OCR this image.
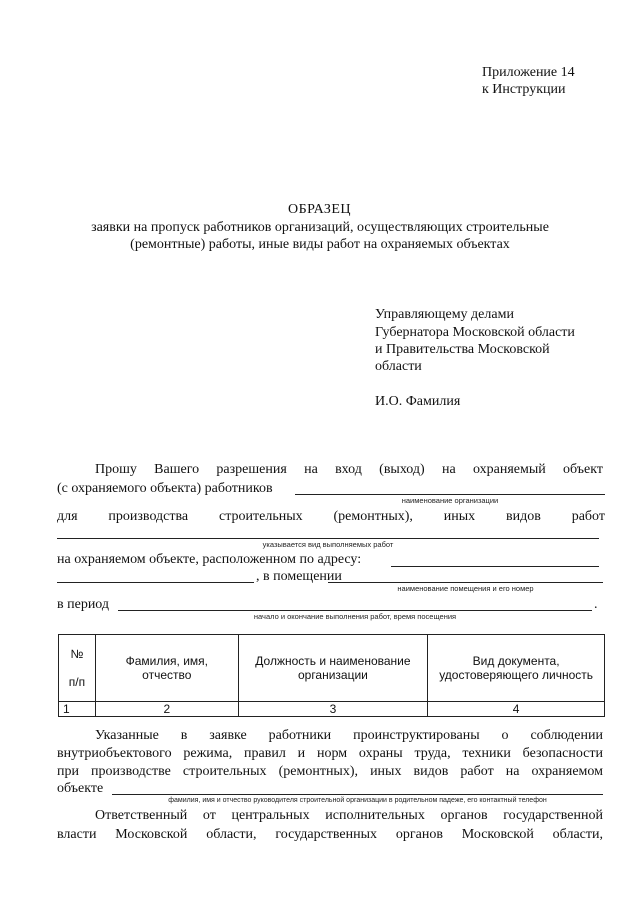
Приложение 14
к Инструкции
ОБРАЗЕЦ
заявки на пропуск работников организаций, осуществляющих строительные
(ремонтные) работы, иные виды работ на охраняемых объектах
Управляющему делами
Губернатора Московской области
и Правительства Московской
области
И.О. Фамилия
Прошу Вашего разрешения на вход (выход) на охраняемый объект
(с охраняемого объекта) работников
наименование организации
для производства строительных (ремонтных), иных видов работ
указывается вид выполняемых работ
на охраняемом объекте, расположенном по адресу:
, в помещении
наименование помещения и его номер
в период	.
начало и окончание выполнения работ, время посещения
№
п/п	Фамилия, имя, отчество	Должность и наименование организации	Вид документа, удостоверяющего личность
1	2	3	4
Указанные в заявке работники проинструктированы о соблюдении
внутриобъектового режима, правил и норм охраны труда, техники безопасности
при производстве строительных (ремонтных), иных видов работ на охраняемом
объекте
фамилия, имя и отчество руководителя строительной организации в родительном падеже, его контактный телефон
Ответственный от центральных исполнительных органов государственной
власти Московской области, государственных органов Московской области,
